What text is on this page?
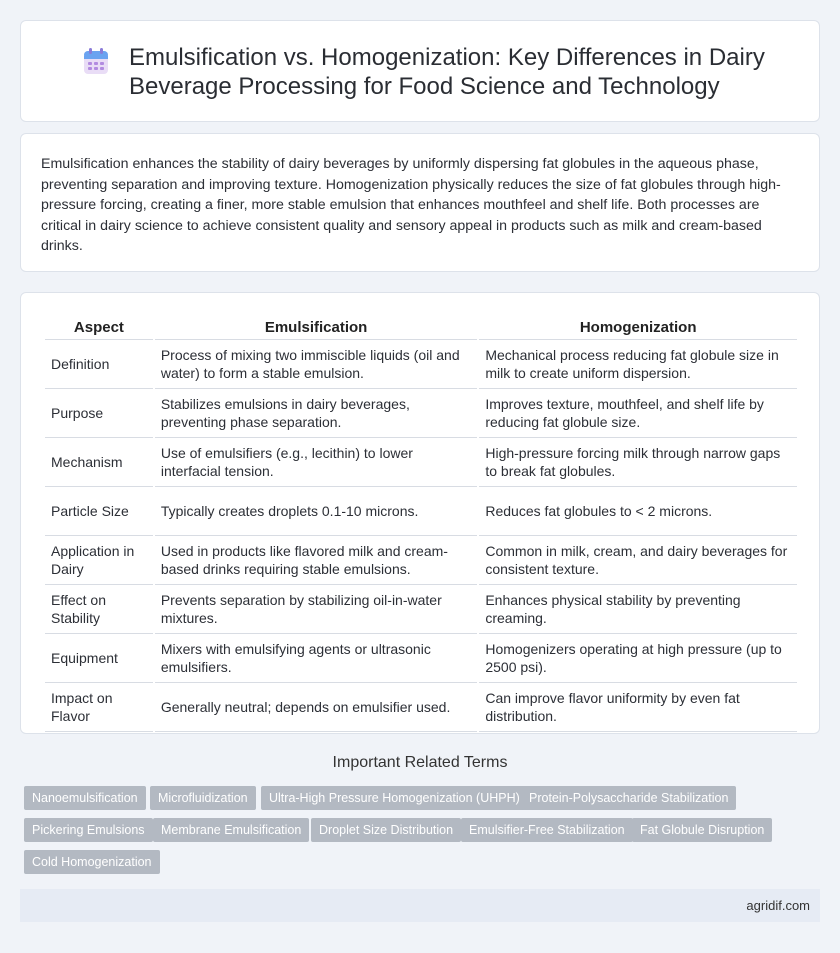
Emulsification vs. Homogenization: Key Differences in Dairy Beverage Processing for Food Science and Technology

Emulsification enhances the stability of dairy beverages by uniformly dispersing fat globules in the aqueous phase, preventing separation and improving texture. Homogenization physically reduces the size of fat globules through high-pressure forcing, creating a finer, more stable emulsion that enhances mouthfeel and shelf life. Both processes are critical in dairy science to achieve consistent quality and sensory appeal in products such as milk and cream-based drinks.

Aspect	Emulsification	Homogenization
Definition	Process of mixing two immiscible liquids (oil and water) to form a stable emulsion.	Mechanical process reducing fat globule size in milk to create uniform dispersion.
Purpose	Stabilizes emulsions in dairy beverages, preventing phase separation.	Improves texture, mouthfeel, and shelf life by reducing fat globule size.
Mechanism	Use of emulsifiers (e.g., lecithin) to lower interfacial tension.	High-pressure forcing milk through narrow gaps to break fat globules.
Particle Size	Typically creates droplets 0.1-10 microns.	Reduces fat globules to < 2 microns.
Application in Dairy	Used in products like flavored milk and cream-based drinks requiring stable emulsions.	Common in milk, cream, and dairy beverages for consistent texture.
Effect on Stability	Prevents separation by stabilizing oil-in-water mixtures.	Enhances physical stability by preventing creaming.
Equipment	Mixers with emulsifying agents or ultrasonic emulsifiers.	Homogenizers operating at high pressure (up to 2500 psi).
Impact on Flavor	Generally neutral; depends on emulsifier used.	Can improve flavor uniformity by even fat distribution.
Important Related Terms
Nanoemulsification	Microfluidization	Ultra-High Pressure Homogenization (UHPH) Protein-Polysaccharide Stabilization
Pickering Emulsions	Membrane Emulsification	Droplet Size Distribution	Emulsifier-Free Stabilization	Fat Globule Disruption
Cold Homogenization
agridif.com
